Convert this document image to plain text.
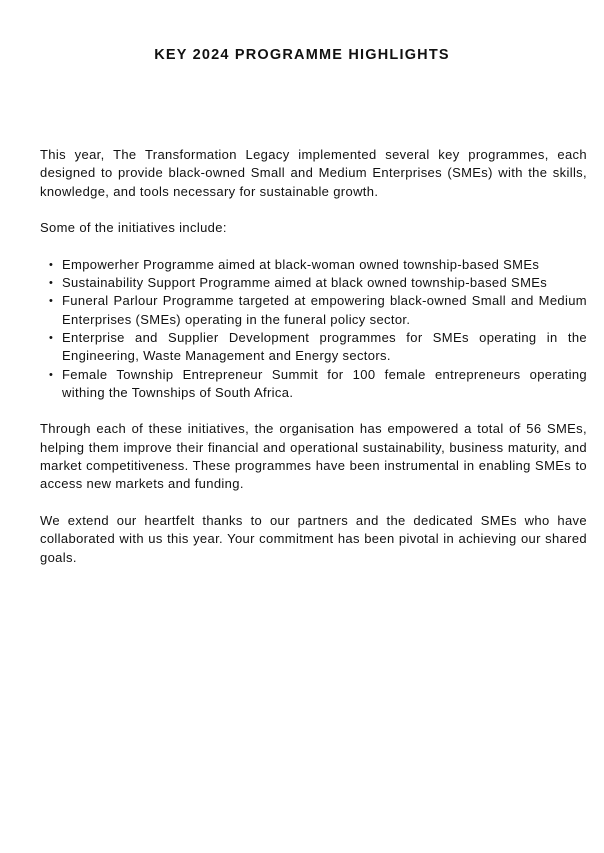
KEY 2024 PROGRAMME HIGHLIGHTS

This year, The Transformation Legacy implemented several key programmes, each designed to provide black-owned Small and Medium Enterprises (SMEs) with the skills, knowledge, and tools necessary for sustainable growth.

Some of the initiatives include:

• Empowerher Programme aimed at black-woman owned township-based SMEs
• Sustainability Support Programme aimed at black owned township-based SMEs
• Funeral Parlour Programme targeted at empowering black-owned Small and Medium Enterprises (SMEs) operating in the funeral policy sector.
• Enterprise and Supplier Development programmes for SMEs operating in the Engineering, Waste Management and Energy sectors.
• Female Township Entrepreneur Summit for 100 female entrepreneurs operating withing the Townships of South Africa.

Through each of these initiatives, the organisation has empowered a total of 56 SMEs, helping them improve their financial and operational sustainability, business maturity, and market competitiveness. These programmes have been instrumental in enabling SMEs to access new markets and funding.

We extend our heartfelt thanks to our partners and the dedicated SMEs who have collaborated with us this year. Your commitment has been pivotal in achieving our shared goals.
